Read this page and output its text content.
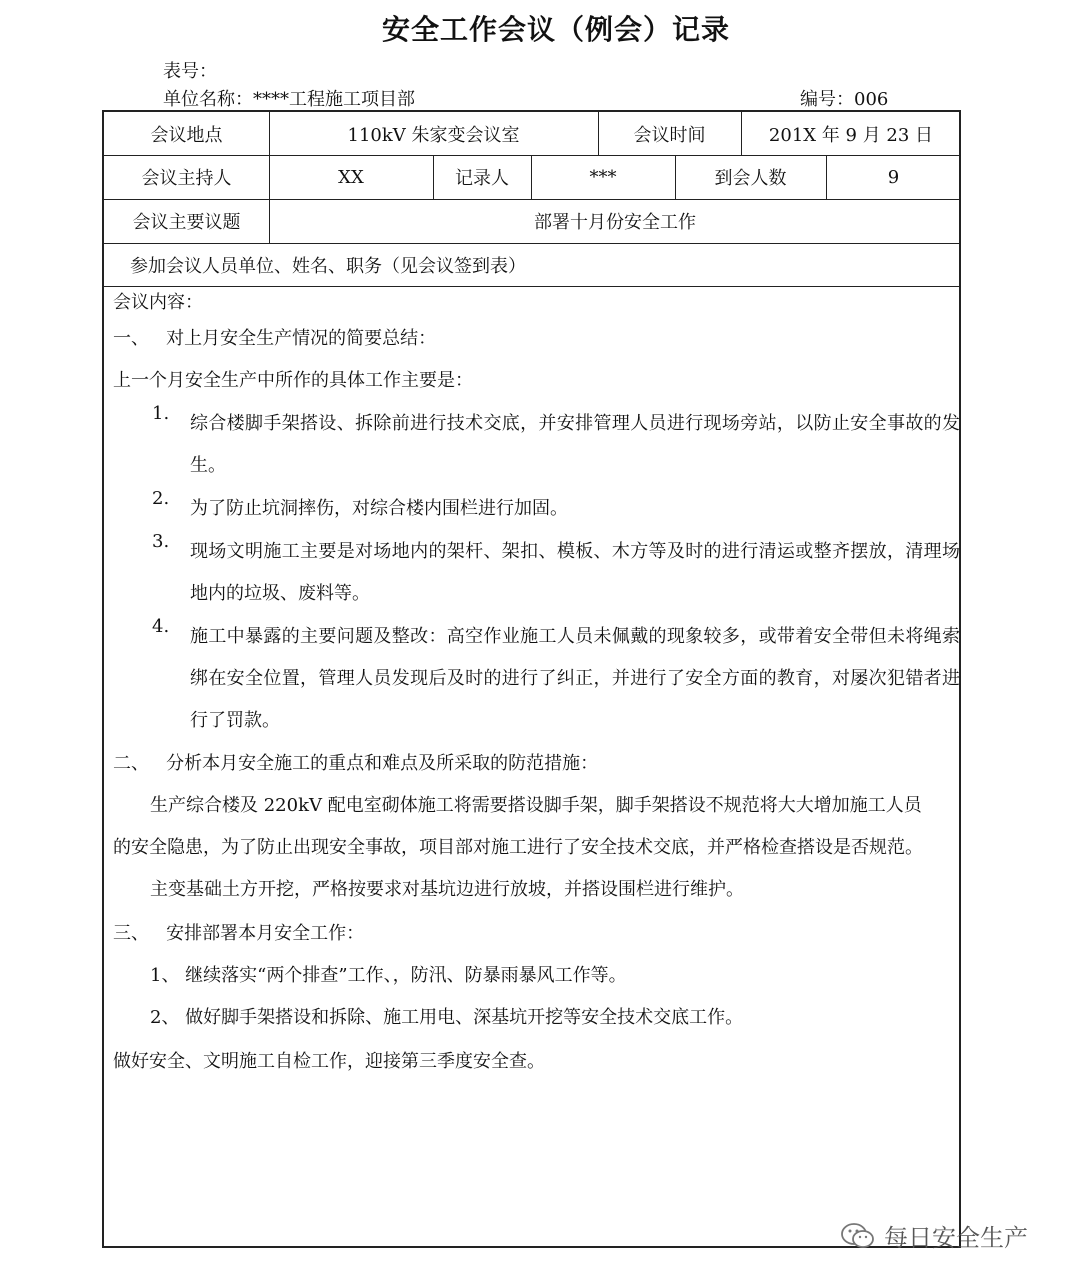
安全工作会议（例会）记录
表号：
单位名称：****工程施工项目部	编号：006
会议地点	110kV 朱家变会议室	会议时间	201X 年 9 月 23 日
会议主持人	XX	记录人	***	到会人数	9
会议主要议题	部署十月份安全工作
参加会议人员单位、姓名、职务（见会议签到表）
会议内容：
一、   对上月安全生产情况的简要总结：
上一个月安全生产中所作的具体工作主要是：
1. 综合楼脚手架搭设、拆除前进行技术交底，并安排管理人员进行现场旁站，以防止安全事故的发生。
2. 为了防止坑洞摔伤，对综合楼内围栏进行加固。
3. 现场文明施工主要是对场地内的架杆、架扣、模板、木方等及时的进行清运或整齐摆放，清理场地内的垃圾、废料等。
4. 施工中暴露的主要问题及整改：高空作业施工人员未佩戴的现象较多，或带着安全带但未将绳索绑在安全位置，管理人员发现后及时的进行了纠正，并进行了安全方面的教育，对屡次犯错者进行了罚款。
二、   分析本月安全施工的重点和难点及所采取的防范措施：
生产综合楼及 220kV 配电室砌体施工将需要搭设脚手架，脚手架搭设不规范将大大增加施工人员
的安全隐患，为了防止出现安全事故，项目部对施工进行了安全技术交底，并严格检查搭设是否规范。
主变基础土方开挖，严格按要求对基坑边进行放坡，并搭设围栏进行维护。
三、   安排部署本月安全工作：
1、 继续落实“两个排查”工作、，防汛、防暴雨暴风工作等。
2、 做好脚手架搭设和拆除、施工用电、深基坑开挖等安全技术交底工作。
做好安全、文明施工自检工作，迎接第三季度安全查。
每日安全生产
